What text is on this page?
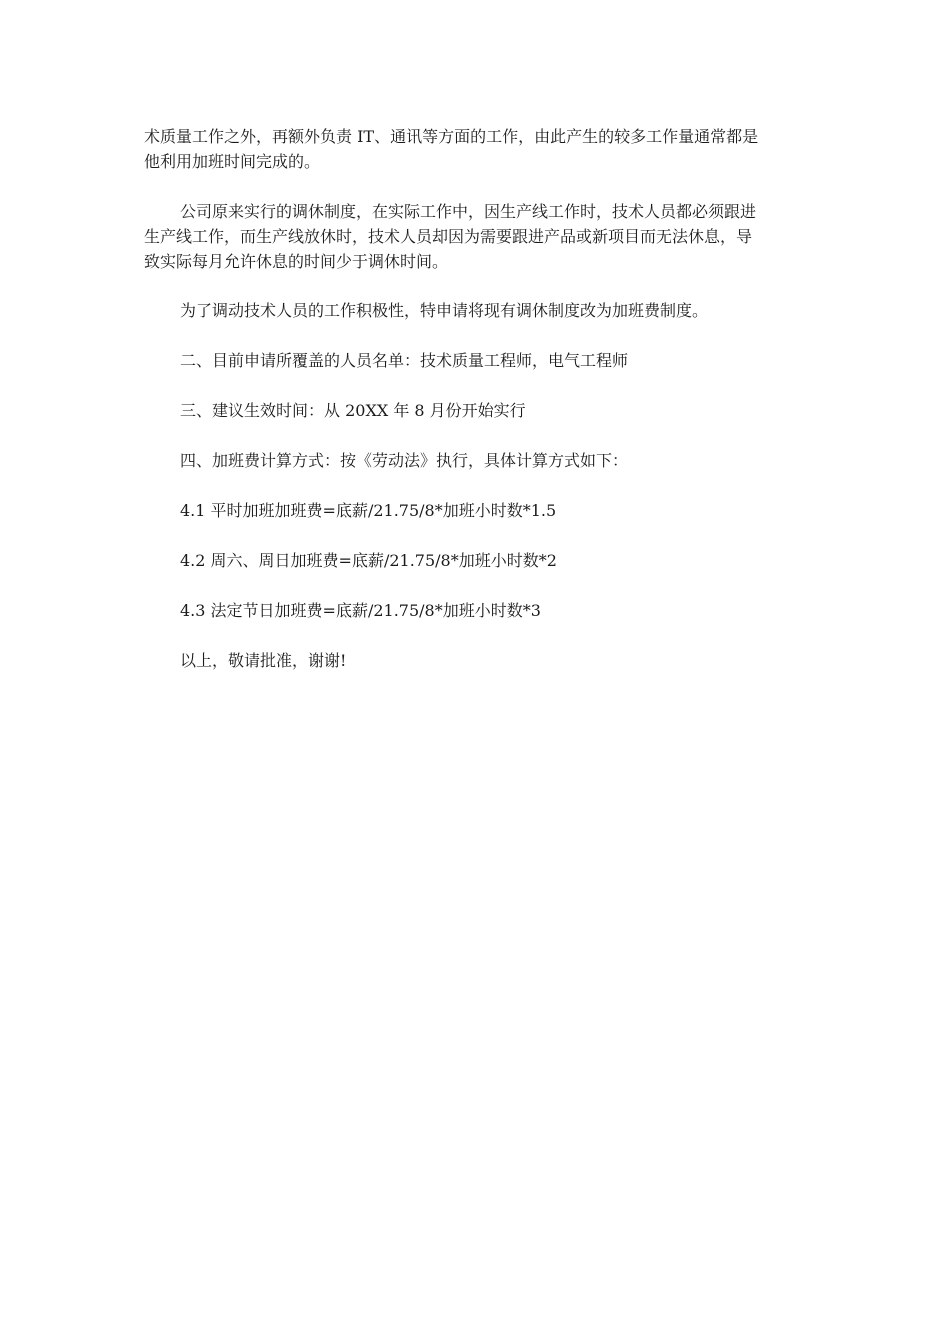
术质量工作之外，再额外负责 IT、通讯等方面的工作，由此产生的较多工作量通常都是
他利用加班时间完成的。

公司原来实行的调休制度，在实际工作中，因生产线工作时，技术人员都必须跟进
生产线工作，而生产线放休时，技术人员却因为需要跟进产品或新项目而无法休息，导
致实际每月允许休息的时间少于调休时间。

为了调动技术人员的工作积极性，特申请将现有调休制度改为加班费制度。

二、目前申请所覆盖的人员名单：技术质量工程师，电气工程师

三、建议生效时间：从 20XX 年 8 月份开始实行

四、加班费计算方式：按《劳动法》执行，具体计算方式如下：

4.1 平时加班加班费=底薪/21.75/8*加班小时数*1.5

4.2 周六、周日加班费=底薪/21.75/8*加班小时数*2

4.3 法定节日加班费=底薪/21.75/8*加班小时数*3

以上，敬请批准，谢谢!
